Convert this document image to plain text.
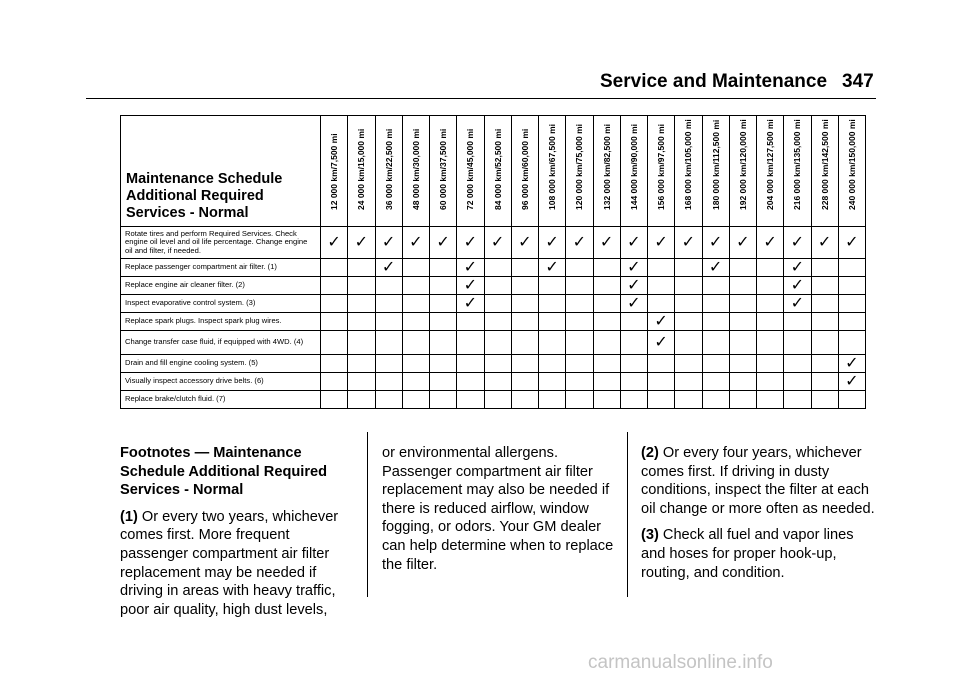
Service and Maintenance 347
Maintenance Schedule
Additional Required
Services - Normal	12 000 km/7,500 mi	24 000 km/15,000 mi	36 000 km/22,500 mi	48 000 km/30,000 mi	60 000 km/37,500 mi	72 000 km/45,000 mi	84 000 km/52,500 mi	96 000 km/60,000 mi	108 000 km/67,500 mi	120 000 km/75,000 mi	132 000 km/82,500 mi	144 000 km/90,000 mi	156 000 km/97,500 mi	168 000 km/105,000 mi	180 000 km/112,500 mi	192 000 km/120,000 mi	204 000 km/127,500 mi	216 000 km/135,000 mi	228 000 km/142,500 mi	240 000 km/150,000 mi

Rotate tires and perform Required Services. Check engine oil level and oil life percentage. Change engine oil and filter, if needed.	✓	✓	✓	✓	✓	✓	✓	✓	✓	✓	✓	✓	✓	✓	✓	✓	✓	✓	✓	✓
Replace passenger compartment air filter. (1)			✓			✓			✓			✓			✓			✓		
Replace engine air cleaner filter. (2)						✓						✓						✓		
Inspect evaporative control system. (3)						✓						✓						✓		
Replace spark plugs. Inspect spark plug wires.													✓							
Change transfer case fluid, if equipped with 4WD. (4)													✓							
Drain and fill engine cooling system. (5)																				✓
Visually inspect accessory drive belts. (6)																				✓
Replace brake/clutch fluid. (7)																				

Footnotes — Maintenance Schedule Additional Required Services - Normal

(1) Or every two years, whichever comes first. More frequent passenger compartment air filter replacement may be needed if driving in areas with heavy traffic, poor air quality, high dust levels,

or environmental allergens. Passenger compartment air filter replacement may also be needed if there is reduced airflow, window fogging, or odors. Your GM dealer can help determine when to replace the filter.

(2) Or every four years, whichever comes first. If driving in dusty conditions, inspect the filter at each oil change or more often as needed.

(3) Check all fuel and vapor lines and hoses for proper hook-up, routing, and condition.

carmanualsonline.info
